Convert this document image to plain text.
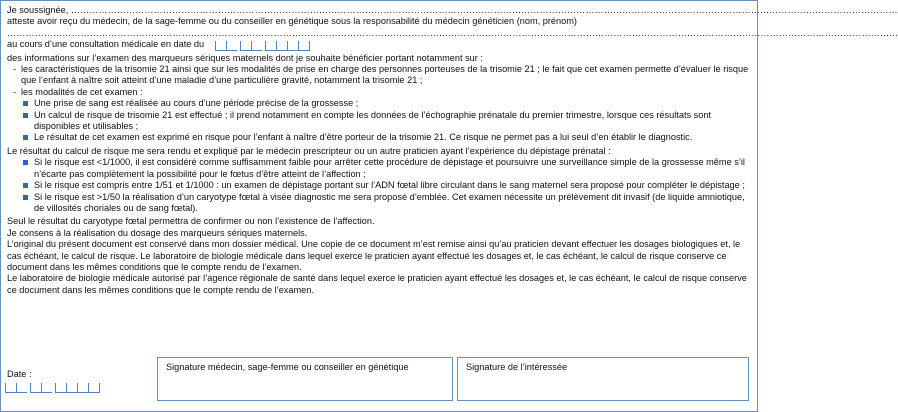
Je soussignée, ………………………………………………………………………………………………………………………………………………………………………………………………………………………………………………

atteste avoir reçu du médecin, de la sage-femme ou du conseiller en génétique sous la responsabilité du médecin généticien (nom, prénom)

…………………………………………………………………………………………………………………………………………………………………………………………………………………………………………………………………

au cours d’une consultation médicale en date du

des informations sur l’examen des marqueurs sériques maternels dont je souhaite bénéficier portant notamment sur :

- les caractéristiques de la trisomie 21 ainsi que sur les modalités de prise en charge des personnes porteuses de la trisomie 21 ; le fait que cet examen permette d’évaluer le risque que l’enfant à naître soit atteint d’une maladie d’une particulière gravité, notamment la trisomie 21 ;
- les modalités de cet examen :
Une prise de sang est réalisée au cours d’une période précise de la grossesse ;
Un calcul de risque de trisomie 21 est effectué ; il prend notamment en compte les données de l’échographie prénatale du premier trimestre, lorsque ces résultats sont disponibles et utilisables ;
Le résultat de cet examen est exprimé en risque pour l’enfant à naître d’être porteur de la trisomie 21. Ce risque ne permet pas à lui seul d’en établir le diagnostic.

Le résultat du calcul de risque me sera rendu et expliqué par le médecin prescripteur ou un autre praticien ayant l’expérience du dépistage prénatal :

Si le risque est <1/1000, il est considéré comme suffisamment faible pour arrêter cette procédure de dépistage et poursuivre une surveillance simple de la grossesse même s’il n’écarte pas complètement la possibilité pour le fœtus d’être atteint de l’affection ;
Si le risque est compris entre 1/51 et 1/1000 : un examen de dépistage portant sur l’ADN fœtal libre circulant dans le sang maternel sera proposé pour compléter le dépistage ;
Si le risque est >1/50 la réalisation d’un caryotype fœtal à visée diagnostic me sera proposé d’emblée. Cet examen nécessite un prélèvement dit invasif (de liquide amniotique, de villosités choriales ou de sang fœtal).

Seul le résultat du caryotype fœtal permettra de confirmer ou non l’existence de l’affection.

Je consens à la réalisation du dosage des marqueurs sériques maternels.

L’original du présent document est conservé dans mon dossier médical. Une copie de ce document m’est remise ainsi qu’au praticien devant effectuer les dosages biologiques et, le cas échéant, le calcul de risque. Le laboratoire de biologie médicale dans lequel exerce le praticien ayant effectué les dosages et, le cas échéant, le calcul de risque conserve ce document dans les mêmes conditions que le compte rendu de l’examen.

Le laboratoire de biologie médicale autorisé par l’agence régionale de santé dans lequel exerce le praticien ayant effectué les dosages et, le cas échéant, le calcul de risque conserve ce document dans les mêmes conditions que le compte rendu de l’examen.

Date :
Signature médecin, sage-femme ou conseiller en génétique	Signature de l’intéressée
